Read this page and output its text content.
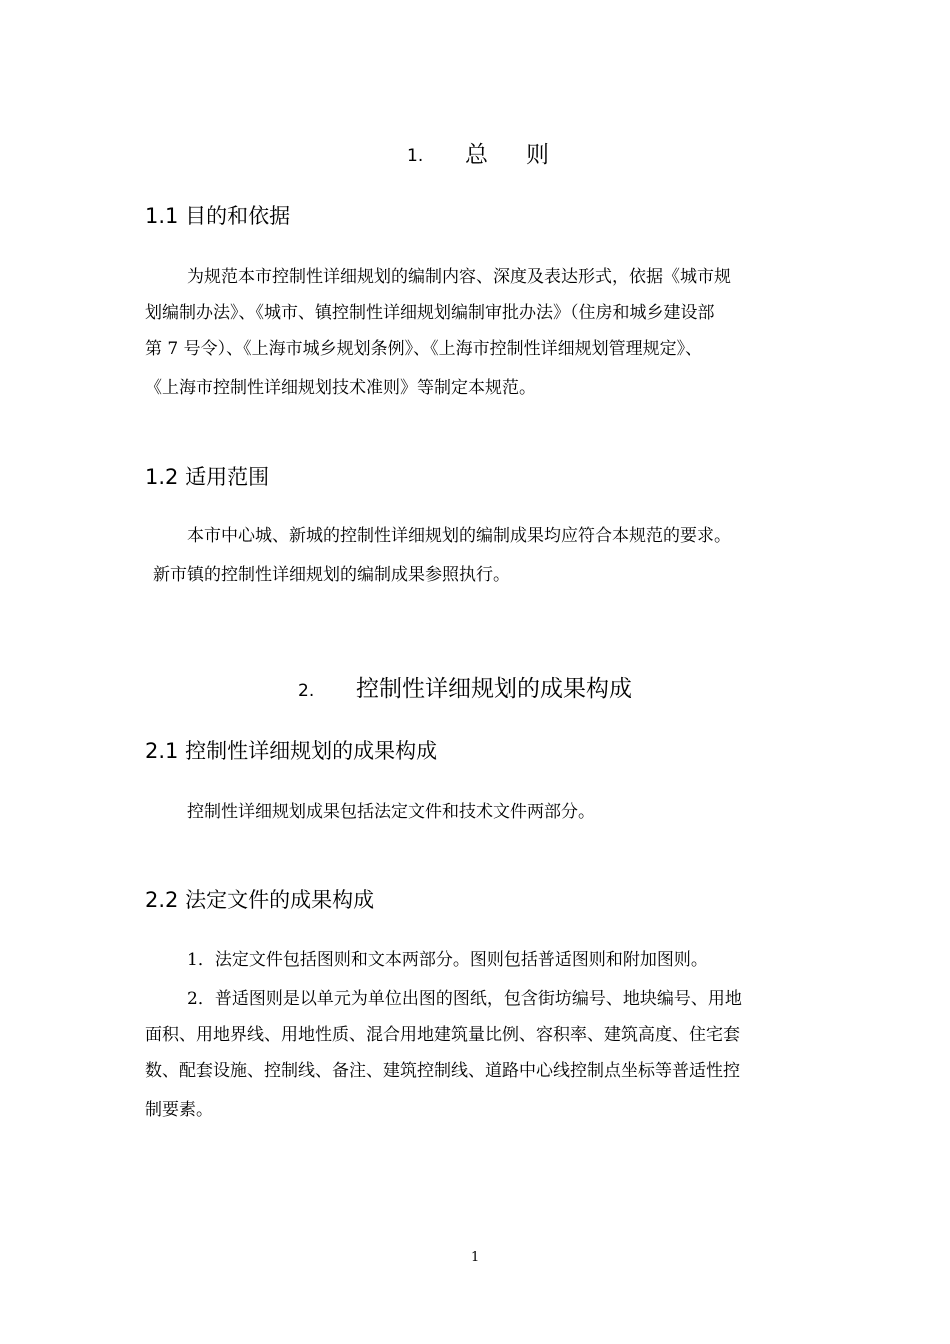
1. 总则
1.1 目的和依据
为规范本市控制性详细规划的编制内容、深度及表达形式，依据《城市规
划编制办法》、《城市、镇控制性详细规划编制审批办法》（住房和城乡建设部
第 7 号令）、《上海市城乡规划条例》、《上海市控制性详细规划管理规定》、
《上海市控制性详细规划技术准则》等制定本规范。
1.2 适用范围
本市中心城、新城的控制性详细规划的编制成果均应符合本规范的要求。
新市镇的控制性详细规划的编制成果参照执行。
2. 控制性详细规划的成果构成
2.1 控制性详细规划的成果构成
控制性详细规划成果包括法定文件和技术文件两部分。
2.2 法定文件的成果构成
1．法定文件包括图则和文本两部分。图则包括普适图则和附加图则。
2．普适图则是以单元为单位出图的图纸，包含街坊编号、地块编号、用地
面积、用地界线、用地性质、混合用地建筑量比例、容积率、建筑高度、住宅套
数、配套设施、控制线、备注、建筑控制线、道路中心线控制点坐标等普适性控
制要素。
1
